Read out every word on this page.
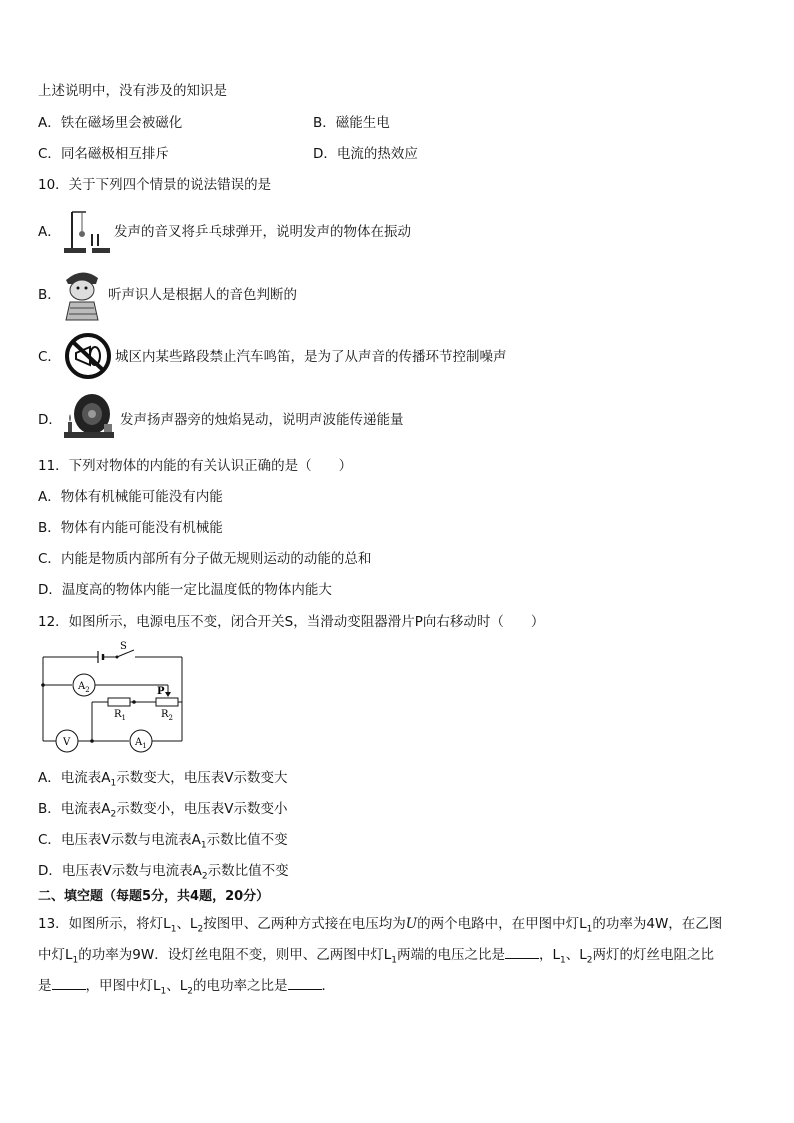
上述说明中，没有涉及的知识是
A．铁在磁场里会被磁化	B．磁能生电
C．同名磁极相互排斥	D．电流的热效应
10．关于下列四个情景的说法错误的是
A．	发声的音叉将乒乓球弹开，说明发声的物体在振动
B．	听声识人是根据人的音色判断的
C．	城区内某些路段禁止汽车鸣笛，是为了从声音的传播环节控制噪声
D．	发声扬声器旁的烛焰晃动，说明声波能传递能量
11．下列对物体的内能的有关认识正确的是（　　）
A．物体有机械能可能没有内能
B．物体有内能可能没有机械能
C．内能是物质内部所有分子做无规则运动的动能的总和
D．温度高的物体内能一定比温度低的物体内能大
12．如图所示，电源电压不变，闭合开关S，当滑动变阻器滑片P向右移动时（　　）
S
$A_2$
$R_1$	$R_2$
P
V	$A_1$
A．电流表$A_1$示数变大，电压表V示数变大
B．电流表$A_2$示数变小，电压表V示数变小
C．电压表V示数与电流表$A_1$示数比值不变
D．电压表V示数与电流表$A_2$示数比值不变
二、填空题（每题5分，共4题，20分）
13．如图所示，将灯$L_1$、$L_2$按图甲、乙两种方式接在电压均为U的两个电路中，在甲图中灯$L_1$的功率为4W，在乙图
中灯$L_1$的功率为9W．设灯丝电阻不变，则甲、乙两图中灯$L_1$两端的电压之比是	，$L_1$、$L_2$两灯的灯丝电阻之比
是	，甲图中灯$L_1$、$L_2$的电功率之比是	．
